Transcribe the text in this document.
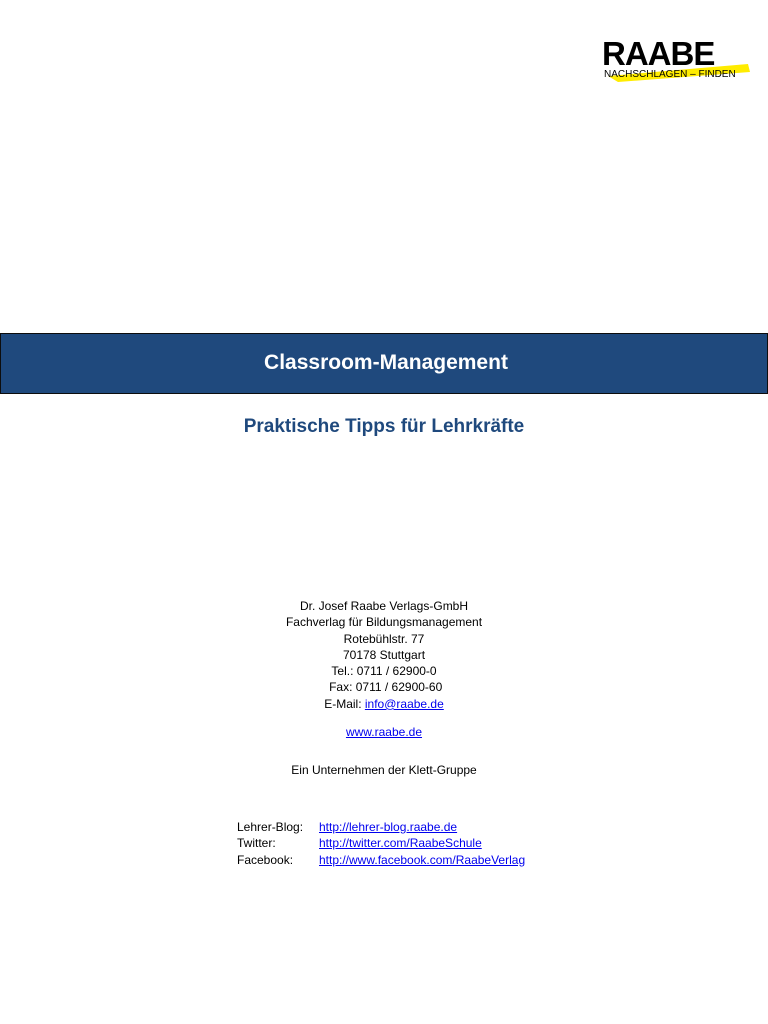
RAABE
NACHSCHLAGEN – FINDEN
Classroom-Management
Praktische Tipps für Lehrkräfte
Dr. Josef Raabe Verlags-GmbH
Fachverlag für Bildungsmanagement
Rotebühlstr. 77
70178 Stuttgart
Tel.: 0711 / 62900-0
Fax: 0711 / 62900-60
E-Mail: info@raabe.de
www.raabe.de
Ein Unternehmen der Klett-Gruppe
Lehrer-Blog:	http://lehrer-blog.raabe.de
Twitter:	http://twitter.com/RaabeSchule
Facebook:	http://www.facebook.com/RaabeVerlag
